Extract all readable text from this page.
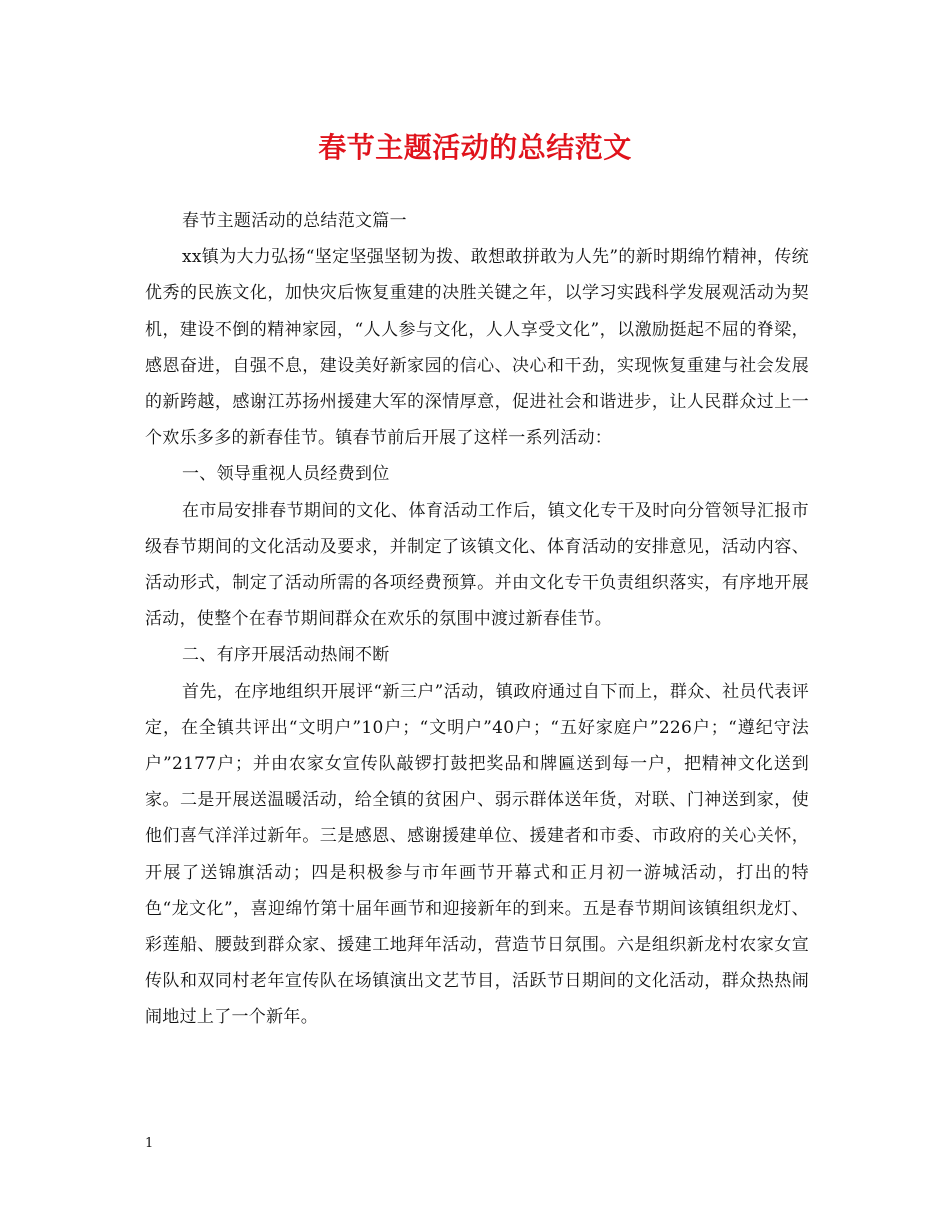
春节主题活动的总结范文

春节主题活动的总结范文篇一

xx镇为大力弘扬“坚定坚强坚韧为拨、敢想敢拼敢为人先”的新时期绵竹精神，传统优秀的民族文化，加快灾后恢复重建的决胜关键之年，以学习实践科学发展观活动为契机，建设不倒的精神家园，“人人参与文化，人人享受文化”，以激励挺起不屈的脊梁，感恩奋进，自强不息，建设美好新家园的信心、决心和干劲，实现恢复重建与社会发展的新跨越，感谢江苏扬州援建大军的深情厚意，促进社会和谐进步，让人民群众过上一个欢乐多多的新春佳节。镇春节前后开展了这样一系列活动：

一、领导重视人员经费到位

在市局安排春节期间的文化、体育活动工作后，镇文化专干及时向分管领导汇报市级春节期间的文化活动及要求，并制定了该镇文化、体育活动的安排意见，活动内容、活动形式，制定了活动所需的各项经费预算。并由文化专干负责组织落实，有序地开展活动，使整个在春节期间群众在欢乐的氛围中渡过新春佳节。

二、有序开展活动热闹不断

首先，在序地组织开展评“新三户”活动，镇政府通过自下而上，群众、社员代表评定，在全镇共评出“文明户”10户；“文明户”40户；“五好家庭户”226户；“遵纪守法户”2177户；并由农家女宣传队敲锣打鼓把奖品和牌匾送到每一户，把精神文化送到家。二是开展送温暖活动，给全镇的贫困户、弱示群体送年货，对联、门神送到家，使他们喜气洋洋过新年。三是感恩、感谢援建单位、援建者和市委、市政府的关心关怀，开展了送锦旗活动；四是积极参与市年画节开幕式和正月初一游城活动，打出的特色“龙文化”，喜迎绵竹第十届年画节和迎接新年的到来。五是春节期间该镇组织龙灯、彩莲船、腰鼓到群众家、援建工地拜年活动，营造节日氛围。六是组织新龙村农家女宣传队和双同村老年宣传队在场镇演出文艺节目，活跃节日期间的文化活动，群众热热闹闹地过上了一个新年。

1
